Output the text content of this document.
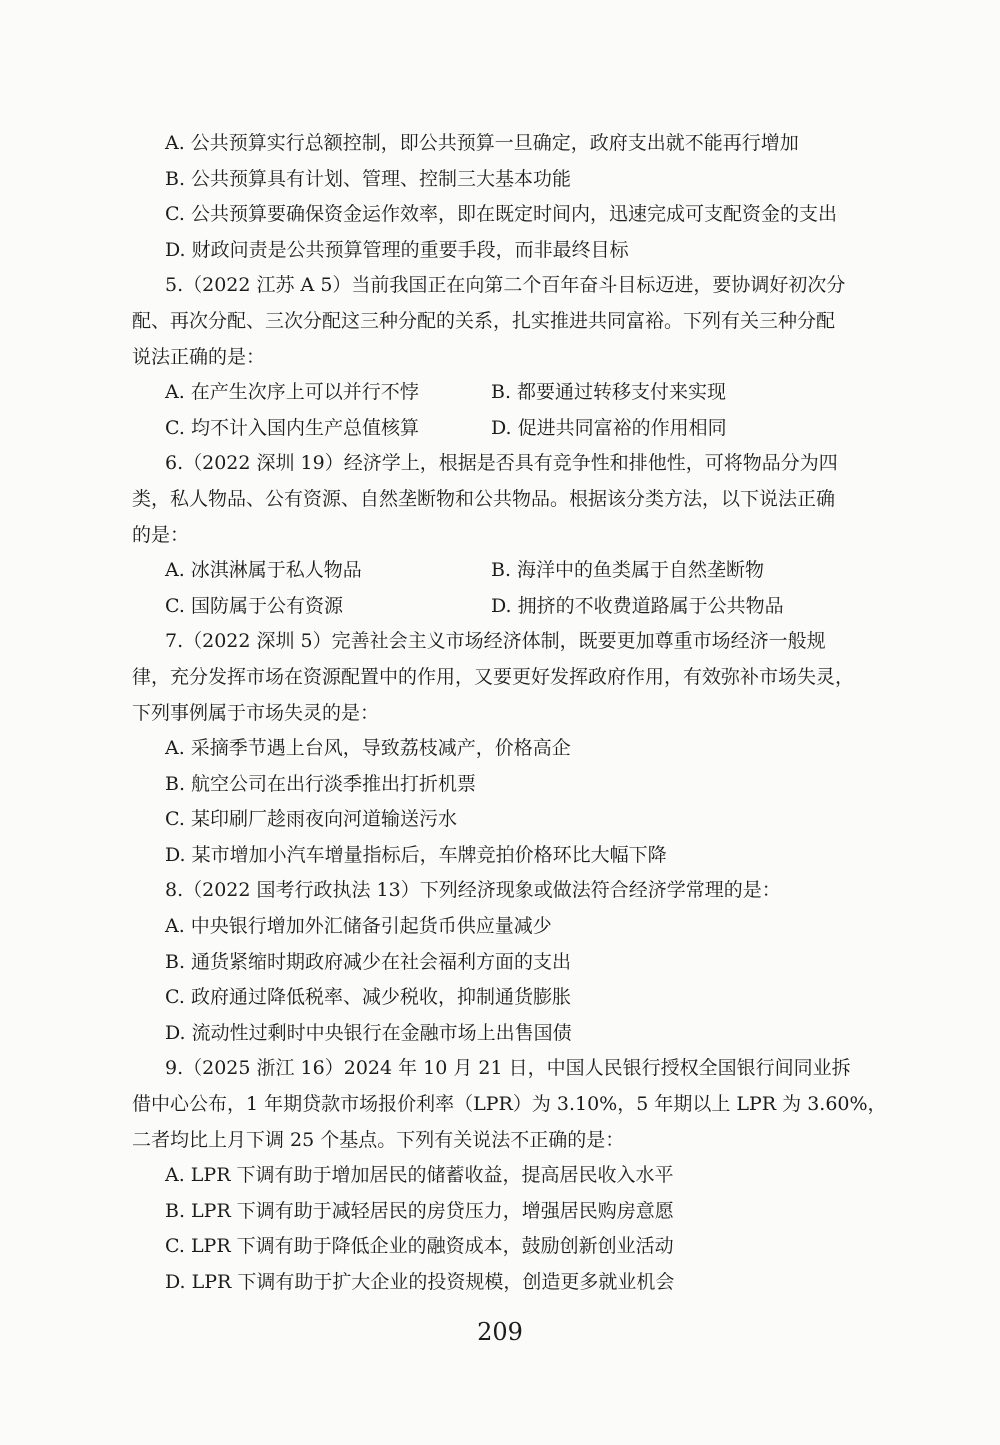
A. 公共预算实行总额控制，即公共预算一旦确定，政府支出就不能再行增加
B. 公共预算具有计划、管理、控制三大基本功能
C. 公共预算要确保资金运作效率，即在既定时间内，迅速完成可支配资金的支出
D. 财政问责是公共预算管理的重要手段，而非最终目标
5.（2022 江苏 A 5）当前我国正在向第二个百年奋斗目标迈进，要协调好初次分
配、再次分配、三次分配这三种分配的关系，扎实推进共同富裕。下列有关三种分配
说法正确的是：
A. 在产生次序上可以并行不悖	B. 都要通过转移支付来实现
C. 均不计入国内生产总值核算	D. 促进共同富裕的作用相同
6.（2022 深圳 19）经济学上，根据是否具有竞争性和排他性，可将物品分为四
类，私人物品、公有资源、自然垄断物和公共物品。根据该分类方法，以下说法正确
的是：
A. 冰淇淋属于私人物品	B. 海洋中的鱼类属于自然垄断物
C. 国防属于公有资源	D. 拥挤的不收费道路属于公共物品
7.（2022 深圳 5）完善社会主义市场经济体制，既要更加尊重市场经济一般规
律，充分发挥市场在资源配置中的作用，又要更好发挥政府作用，有效弥补市场失灵，
下列事例属于市场失灵的是：
A. 采摘季节遇上台风，导致荔枝减产，价格高企
B. 航空公司在出行淡季推出打折机票
C. 某印刷厂趁雨夜向河道输送污水
D. 某市增加小汽车增量指标后，车牌竞拍价格环比大幅下降
8.（2022 国考行政执法 13）下列经济现象或做法符合经济学常理的是：
A. 中央银行增加外汇储备引起货币供应量减少
B. 通货紧缩时期政府减少在社会福利方面的支出
C. 政府通过降低税率、减少税收，抑制通货膨胀
D. 流动性过剩时中央银行在金融市场上出售国债
9.（2025 浙江 16）2024 年 10 月 21 日，中国人民银行授权全国银行间同业拆
借中心公布，1 年期贷款市场报价利率（LPR）为 3.10%，5 年期以上 LPR 为 3.60%，
二者均比上月下调 25 个基点。下列有关说法不正确的是：
A. LPR 下调有助于增加居民的储蓄收益，提高居民收入水平
B. LPR 下调有助于减轻居民的房贷压力，增强居民购房意愿
C. LPR 下调有助于降低企业的融资成本，鼓励创新创业活动
D. LPR 下调有助于扩大企业的投资规模，创造更多就业机会
209
